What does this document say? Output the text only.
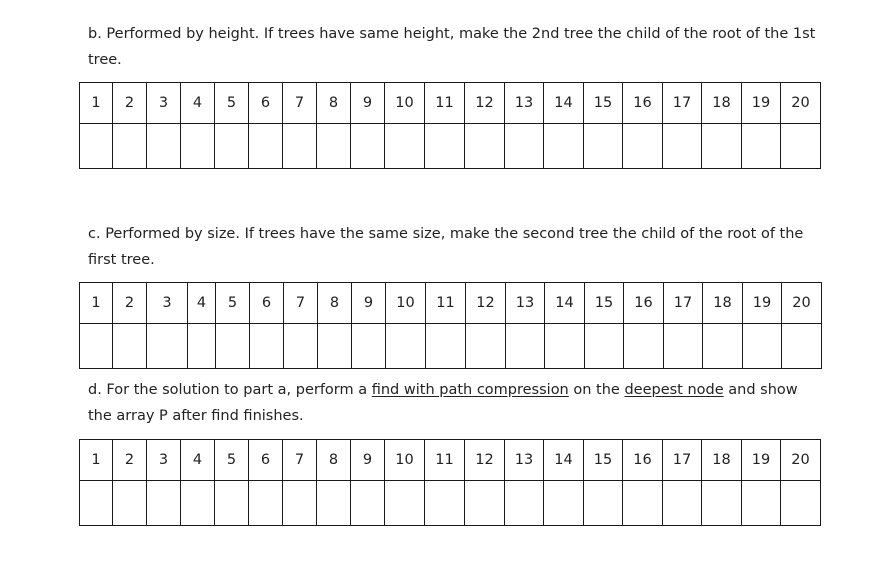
b. Performed by height. If trees have same height, make the 2nd tree the child of the root of the 1st tree.

1	2	3	4	5	6	7	8	9	10	11	12	13	14	15	16	17	18	19	20

c. Performed by size. If trees have the same size, make the second tree the child of the root of the first tree.

1	2	3	4	5	6	7	8	9	10	11	12	13	14	15	16	17	18	19	20

d. For the solution to part a, perform a find with path compression on the deepest node and show the array P after find finishes.

1	2	3	4	5	6	7	8	9	10	11	12	13	14	15	16	17	18	19	20
